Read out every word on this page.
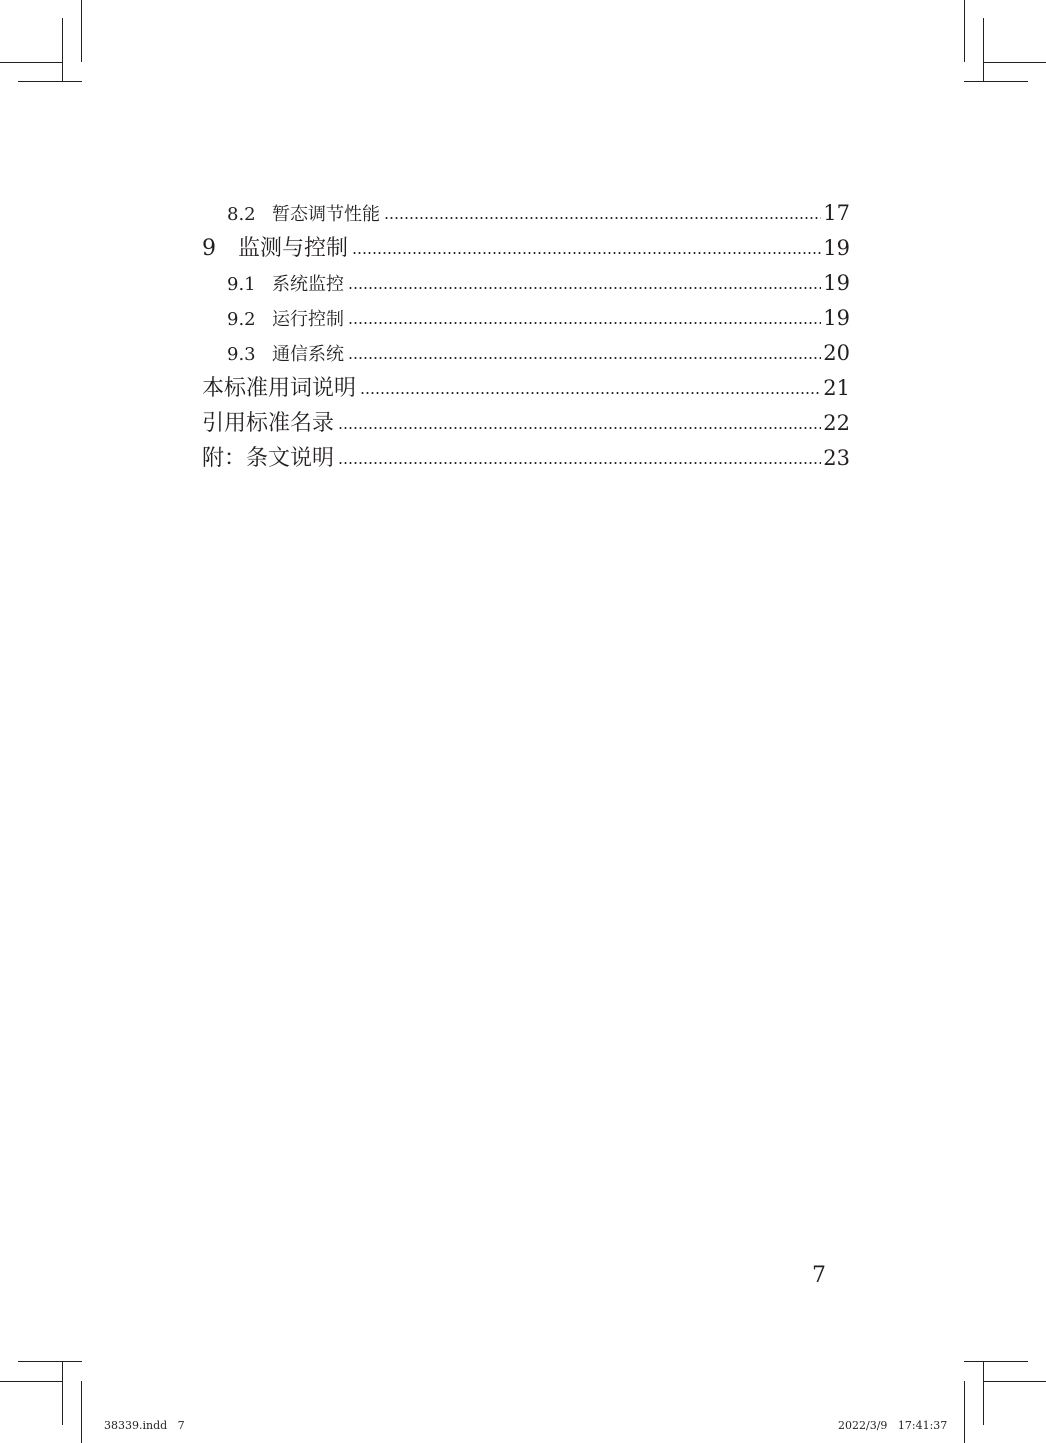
8.2 暂态调节性能	17
9	监测与控制	19
9.1 系统监控	19
9.2 运行控制	19
9.3 通信系统	20
本标准用词说明	21
引用标准名录	22
附：条文说明	23
7
38339.indd   7	2022/3/9   17:41:37
